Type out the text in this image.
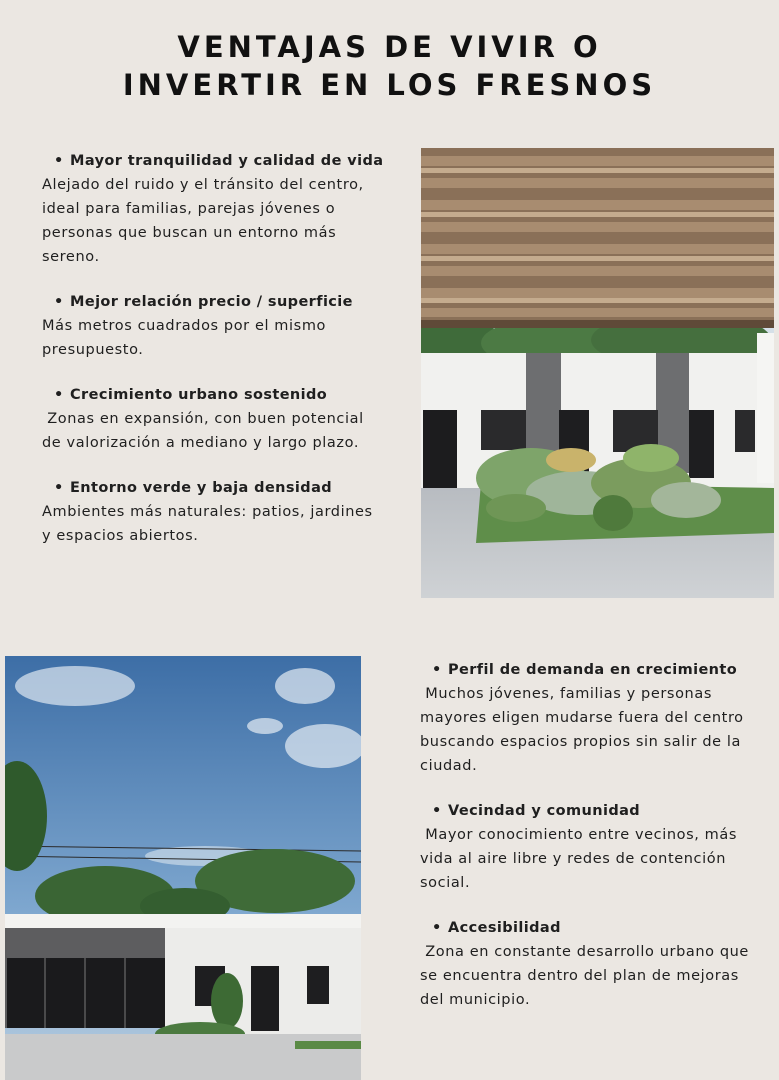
VENTAJAS DE VIVIR O
INVERTIR EN LOS FRESNOS
• Mayor tranquilidad y calidad de vida
Alejado del ruido y el tránsito del centro, ideal para familias, parejas jóvenes o personas que buscan un entorno más sereno.
• Mejor relación precio / superficie
Más metros cuadrados por el mismo presupuesto.
• Crecimiento urbano sostenido
Zonas en expansión, con buen potencial de valorización a mediano y largo plazo.
• Entorno verde y baja densidad
Ambientes más naturales: patios, jardines y espacios abiertos.
• Perfil de demanda en crecimiento
Muchos jóvenes, familias y personas mayores eligen mudarse fuera del centro buscando espacios propios sin salir de la ciudad.
• Vecindad y comunidad
Mayor conocimiento entre vecinos, más vida al aire libre y redes de contención social.
• Accesibilidad
Zona en constante desarrollo urbano que se encuentra dentro del plan de mejoras del municipio.
